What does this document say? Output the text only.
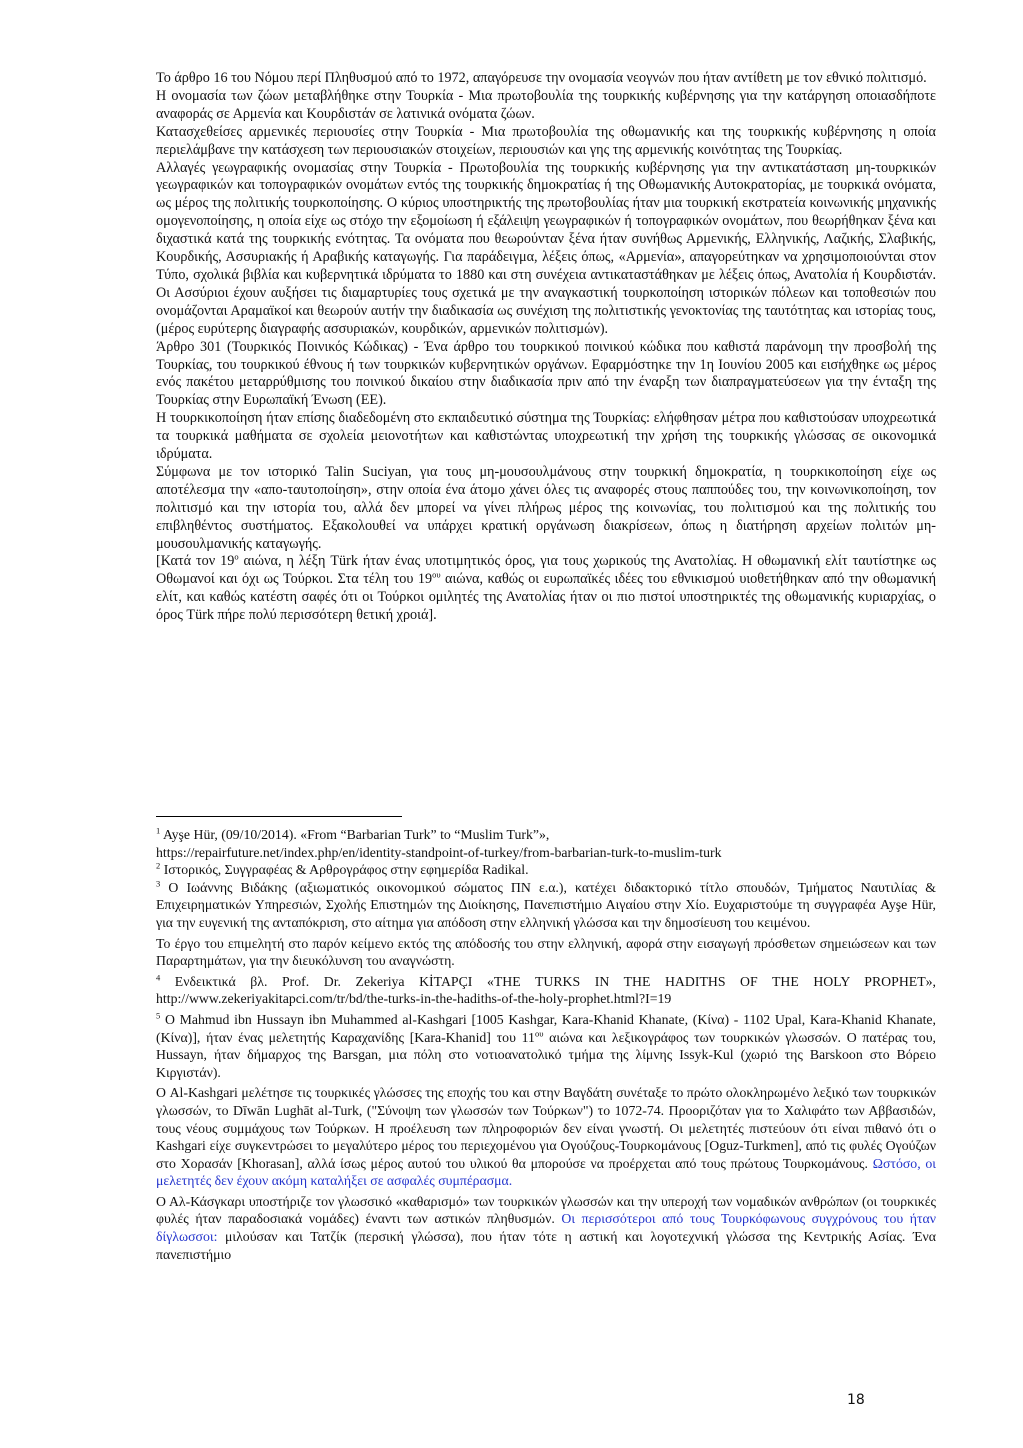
Το άρθρο 16 του Νόμου περί Πληθυσμού από το 1972, απαγόρευσε την ονομασία νεογνών που ήταν αντίθετη με τον εθνικό πολιτισμό.

Η ονομασία των ζώων μεταβλήθηκε στην Τουρκία - Μια πρωτοβουλία της τουρκικής κυβέρνησης για την κατάργηση οποιασδήποτε αναφοράς σε Αρμενία και Κουρδιστάν σε λατινικά ονόματα ζώων.

Κατασχεθείσες αρμενικές περιουσίες στην Τουρκία - Μια πρωτοβουλία της οθωμανικής και της τουρκικής κυβέρνησης η οποία περιελάμβανε την κατάσχεση των περιουσιακών στοιχείων, περιουσιών και γης της αρμενικής κοινότητας της Τουρκίας.

Αλλαγές γεωγραφικής ονομασίας στην Τουρκία - Πρωτοβουλία της τουρκικής κυβέρνησης για την αντικατάσταση μη-τουρκικών γεωγραφικών και τοπογραφικών ονομάτων εντός της τουρκικής δημοκρατίας ή της Οθωμανικής Αυτοκρατορίας, με τουρκικά ονόματα, ως μέρος της πολιτικής τουρκοποίησης. Ο κύριος υποστηρικτής της πρωτοβουλίας ήταν μια τουρκική εκστρατεία κοινωνικής μηχανικής ομογενοποίησης, η οποία είχε ως στόχο την εξομοίωση ή εξάλειψη γεωγραφικών ή τοπογραφικών ονομάτων, που θεωρήθηκαν ξένα και διχαστικά κατά της τουρκικής ενότητας. Τα ονόματα που θεωρούνταν ξένα ήταν συνήθως Αρμενικής, Ελληνικής, Λαζικής, Σλαβικής, Κουρδικής, Ασσυριακής ή Αραβικής καταγωγής. Για παράδειγμα, λέξεις όπως, «Αρμενία», απαγορεύτηκαν να χρησιμοποιούνται στον Τύπο, σχολικά βιβλία και κυβερνητικά ιδρύματα το 1880 και στη συνέχεια αντικαταστάθηκαν με λέξεις όπως, Ανατολία ή Κουρδιστάν. Οι Ασσύριοι έχουν αυξήσει τις διαμαρτυρίες τους σχετικά με την αναγκαστική τουρκοποίηση ιστορικών πόλεων και τοποθεσιών που ονομάζονται Αραμαϊκοί και θεωρούν αυτήν την διαδικασία ως συνέχιση της πολιτιστικής γενοκτονίας της ταυτότητας και ιστορίας τους, (μέρος ευρύτερης διαγραφής ασσυριακών, κουρδικών, αρμενικών πολιτισμών).

Άρθρο 301 (Τουρκικός Ποινικός Κώδικας) - Ένα άρθρο του τουρκικού ποινικού κώδικα που καθιστά παράνομη την προσβολή της Τουρκίας, του τουρκικού έθνους ή των τουρκικών κυβερνητικών οργάνων. Εφαρμόστηκε την 1η Ιουνίου 2005 και εισήχθηκε ως μέρος ενός πακέτου μεταρρύθμισης του ποινικού δικαίου στην διαδικασία πριν από την έναρξη των διαπραγματεύσεων για την ένταξη της Τουρκίας στην Ευρωπαϊκή Ένωση (ΕΕ).

Η τουρκικοποίηση ήταν επίσης διαδεδομένη στο εκπαιδευτικό σύστημα της Τουρκίας: ελήφθησαν μέτρα που καθιστούσαν υποχρεωτικά τα τουρκικά μαθήματα σε σχολεία μειονοτήτων και καθιστώντας υποχρεωτική την χρήση της τουρκικής γλώσσας σε οικονομικά ιδρύματα.

Σύμφωνα με τον ιστορικό Talin Suciyan, για τους μη-μουσουλμάνους στην τουρκική δημοκρατία, η τουρκικοποίηση είχε ως αποτέλεσμα την «απο-ταυτοποίηση», στην οποία ένα άτομο χάνει όλες τις αναφορές στους παππούδες του, την κοινωνικοποίηση, τον πολιτισμό και την ιστορία του, αλλά δεν μπορεί να γίνει πλήρως μέρος της κοινωνίας, του πολιτισμού και της πολιτικής του επιβληθέντος συστήματος. Εξακολουθεί να υπάρχει κρατική οργάνωση διακρίσεων, όπως η διατήρηση αρχείων πολιτών μη-μουσουλμανικής καταγωγής.

[Κατά τον $19^o$ αιώνα, η λέξη Türk ήταν ένας υποτιμητικός όρος, για τους χωρικούς της Ανατολίας. Η οθωμανική ελίτ ταυτίστηκε ως Οθωμανοί και όχι ως Τούρκοι. Στα τέλη του $19^{o\upsilon}$ αιώνα, καθώς οι ευρωπαϊκές ιδέες του εθνικισμού υιοθετήθηκαν από την οθωμανική ελίτ, και καθώς κατέστη σαφές ότι οι Τούρκοι ομιλητές της Ανατολίας ήταν οι πιο πιστοί υποστηρικτές της οθωμανικής κυριαρχίας, ο όρος Türk πήρε πολύ περισσότερη θετική χροιά].

$^1$ Ayşe Hür, (09/10/2014). «From “Barbarian Turk” to “Muslim Turk”»,

https://repairfuture.net/index.php/en/identity-standpoint-of-turkey/from-barbarian-turk-to-muslim-turk

$^2$ Ιστορικός, Συγγραφέας & Αρθρογράφος στην εφημερίδα Radikal.

$^3$ Ο Ιωάννης Βιδάκης (αξιωματικός οικονομικού σώματος ΠΝ ε.α.), κατέχει διδακτορικό τίτλο σπουδών, Τμήματος Ναυτιλίας & Επιχειρηματικών Υπηρεσιών, Σχολής Επιστημών της Διοίκησης, Πανεπιστήμιο Αιγαίου στην Χίο. Ευχαριστούμε τη συγγραφέα Ayşe Hür, για την ευγενική της ανταπόκριση, στο αίτημα για απόδοση στην ελληνική γλώσσα και την δημοσίευση του κειμένου.

Το έργο του επιμελητή στο παρόν κείμενο εκτός της απόδοσής του στην ελληνική, αφορά στην εισαγωγή πρόσθετων σημειώσεων και των Παραρτημάτων, για την διευκόλυνση του αναγνώστη.

$^4$ Ενδεικτικά βλ. Prof. Dr. Zekeriya KİTAPÇI «THE TURKS IN THE HADITHS OF THE HOLY PROPHET», http://www.zekeriyakitapci.com/tr/bd/the-turks-in-the-hadiths-of-the-holy-prophet.html?I=19

$^5$ Ο Mahmud ibn Hussayn ibn Muhammed al-Kashgari [1005 Kashgar, Kara-Khanid Khanate, (Κίνα) - 1102 Upal, Kara-Khanid Khanate, (Κίνα)], ήταν ένας μελετητής Καραχανίδης [Kara-Khanid] του $11^{o\upsilon}$ αιώνα και λεξικογράφος των τουρκικών γλωσσών. Ο πατέρας του, Hussayn, ήταν δήμαρχος της Barsgan, μια πόλη στο νοτιοανατολικό τμήμα της λίμνης Issyk-Kul (χωριό της Barskoon στο Βόρειο Κιργιστάν).

Ο Al-Kashgari μελέτησε τις τουρκικές γλώσσες της εποχής του και στην Βαγδάτη συνέταξε το πρώτο ολοκληρωμένο λεξικό των τουρκικών γλωσσών, το Dīwān Lughāt al-Turk, ("Σύνοψη των γλωσσών των Τούρκων") το 1072-74. Προοριζόταν για το Χαλιφάτο των Αββασιδών, τους νέους συμμάχους των Τούρκων. Η προέλευση των πληροφοριών δεν είναι γνωστή. Οι μελετητές πιστεύουν ότι είναι πιθανό ότι ο Kashgari είχε συγκεντρώσει το μεγαλύτερο μέρος του περιεχομένου για Ογούζους-Τουρκομάνους [Oguz-Turkmen], από τις φυλές Ογούζων στο Χορασάν [Khorasan], αλλά ίσως μέρος αυτού του υλικού θα μπορούσε να προέρχεται από τους πρώτους Τουρκομάνους. Ωστόσο, οι μελετητές δεν έχουν ακόμη καταλήξει σε ασφαλές συμπέρασμα.

Ο Αλ-Κάσγκαρι υποστήριζε τον γλωσσικό «καθαρισμό» των τουρκικών γλωσσών και την υπεροχή των νομαδικών ανθρώπων (οι τουρκικές φυλές ήταν παραδοσιακά νομάδες) έναντι των αστικών πληθυσμών. Οι περισσότεροι από τους Τουρκόφωνους συγχρόνους του ήταν δίγλωσσοι: μιλούσαν και Τατζίκ (περσική γλώσσα), που ήταν τότε η αστική και λογοτεχνική γλώσσα της Κεντρικής Ασίας. Ένα πανεπιστήμιο

18
